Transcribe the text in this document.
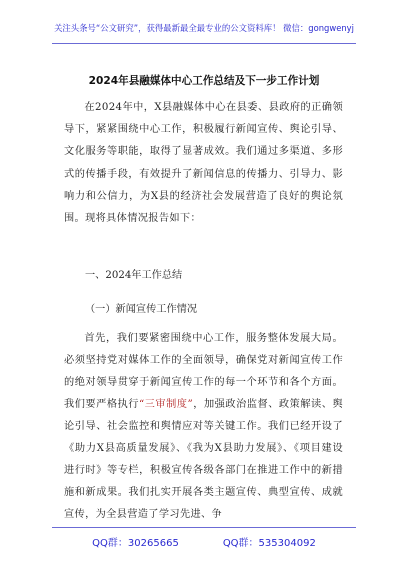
关注头条号“公文研究”，获得最新最全最专业的公文资料库！ 微信：gongwenyj
2024年县融媒体中心工作总结及下一步工作计划
在2024年中，X县融媒体中心在县委、县政府的正确领导下，紧紧围绕中心工作，积极履行新闻宣传、舆论引导、文化服务等职能，取得了显著成效。我们通过多渠道、多形式的传播手段，有效提升了新闻信息的传播力、引导力、影响力和公信力，为X县的经济社会发展营造了良好的舆论氛围。现将具体情况报告如下：
一、2024年工作总结
（一）新闻宣传工作情况
首先，我们要紧密围绕中心工作，服务整体发展大局。必须坚持党对媒体工作的全面领导，确保党对新闻宣传工作的绝对领导贯穿于新闻宣传工作的每一个环节和各个方面。我们要严格执行“三审制度”，加强政治监督、政策解读、舆论引导、社会监控和舆情应对等关键工作。我们已经开设了《助力X县高质量发展》、《我为X县助力发展》、《项目建设进行时》等专栏，积极宣传各级各部门在推进工作中的新措施和新成果。我们扎实开展各类主题宣传、典型宣传、成就宣传，为全县营造了学习先进、争
QQ群：30265665	QQ群：535304092
